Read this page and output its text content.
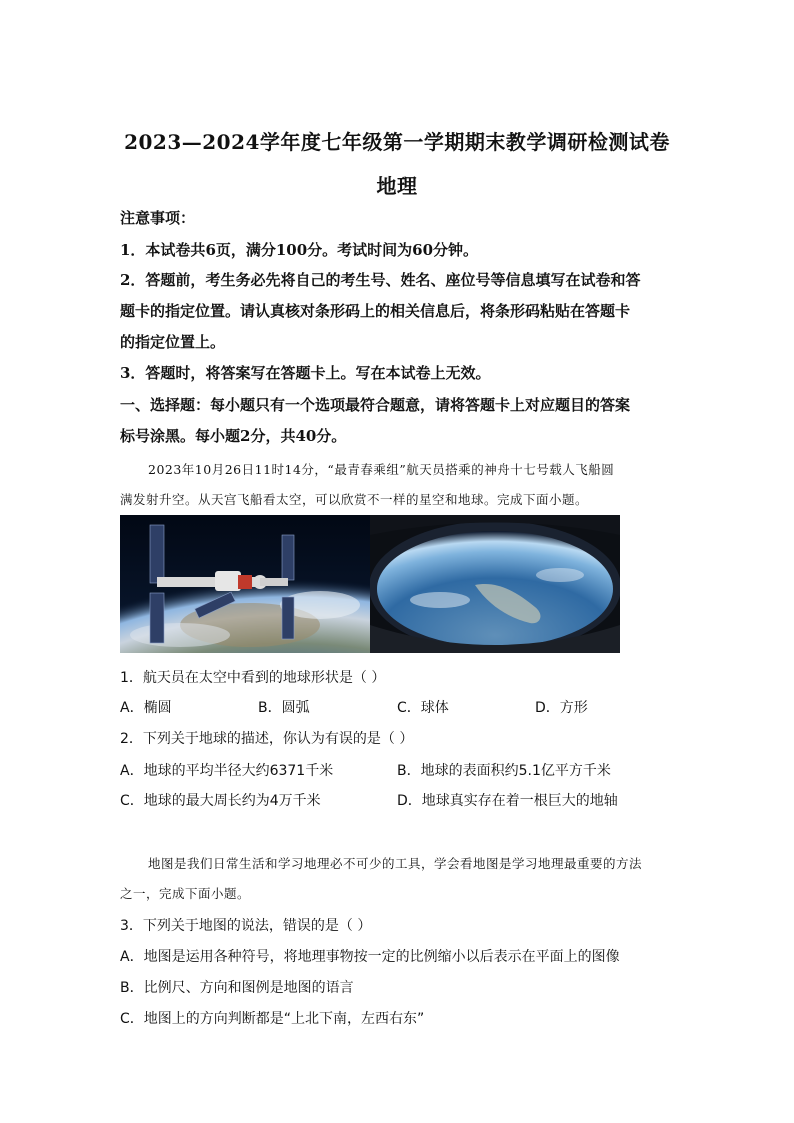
2023—2024学年度七年级第一学期期末教学调研检测试卷
地理
注意事项：
1．本试卷共6页，满分100分。考试时间为60分钟。
2．答题前，考生务必先将自己的考生号、姓名、座位号等信息填写在试卷和答
题卡的指定位置。请认真核对条形码上的相关信息后，将条形码粘贴在答题卡
的指定位置上。
3．答题时，将答案写在答题卡上。写在本试卷上无效。
一、选择题：每小题只有一个选项最符合题意，请将答题卡上对应题目的答案
标号涂黑。每小题2分，共40分。
2023年10月26日11时14分，“最青春乘组”航天员搭乘的神舟十七号载人飞船圆
满发射升空。从天宫飞船看太空，可以欣赏不一样的星空和地球。完成下面小题。
1．航天员在太空中看到的地球形状是（ ）
A．椭圆	B．圆弧	C．球体	D．方形
2．下列关于地球的描述，你认为有误的是（ ）
A．地球的平均半径大约6371千米	B．地球的表面积约5.1亿平方千米
C．地球的最大周长约为4万千米	D．地球真实存在着一根巨大的地轴
地图是我们日常生活和学习地理必不可少的工具，学会看地图是学习地理最重要的方法
之一，完成下面小题。
3．下列关于地图的说法，错误的是（ ）
A．地图是运用各种符号，将地理事物按一定的比例缩小以后表示在平面上的图像
B．比例尺、方向和图例是地图的语言
C．地图上的方向判断都是“上北下南，左西右东”
